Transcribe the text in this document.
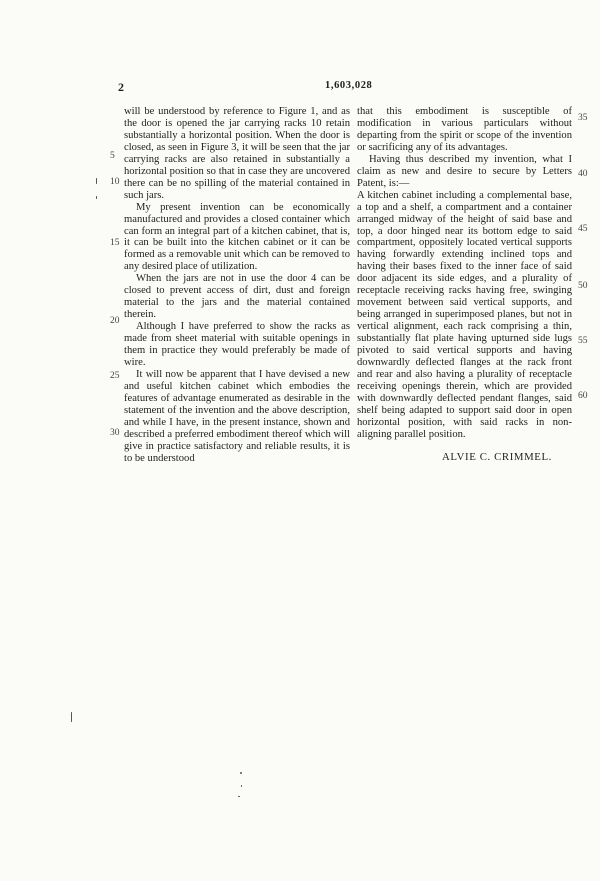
2	1,603,028

will be understood by reference to Figure 1, and as the door is opened the jar carrying racks 10 retain substantially a horizontal position. When the door is closed, as seen in Figure 3, it will be seen that the jar carrying racks are also retained in substantially a horizontal position so that in case they are uncovered there can be no spilling of the material contained in such jars.

My present invention can be economically manufactured and provides a closed container which can form an integral part of a kitchen cabinet, that is, it can be built into the kitchen cabinet or it can be formed as a removable unit which can be removed to any desired place of utilization.

When the jars are not in use the door 4 can be closed to prevent access of dirt, dust and foreign material to the jars and the material contained therein.

Although I have preferred to show the racks as made from sheet material with suitable openings in them in practice they would preferably be made of wire.

It will now be apparent that I have devised a new and useful kitchen cabinet which embodies the features of advantage enumerated as desirable in the statement of the invention and the above description, and while I have, in the present instance, shown and described a preferred embodiment thereof which will give in practice satisfactory and reliable results, it is to be understood

that this embodiment is susceptible of modification in various particulars without departing from the spirit or scope of the invention or sacrificing any of its advantages.

Having thus described my invention, what I claim as new and desire to secure by Letters Patent, is:—

A kitchen cabinet including a complemental base, a top and a shelf, a compartment and a container arranged midway of the height of said base and top, a door hinged near its bottom edge to said compartment, oppositely located vertical supports having forwardly extending inclined tops and having their bases fixed to the inner face of said door adjacent its side edges, and a plurality of receptacle receiving racks having free, swinging movement between said vertical supports, and being arranged in superimposed planes, but not in vertical alignment, each rack comprising a thin, substantially flat plate having upturned side lugs pivoted to said vertical supports and having downwardly deflected flanges at the rack front and rear and also having a plurality of receptacle receiving openings therein, which are provided with downwardly deflected pendant flanges, said shelf being adapted to support said door in open horizontal position, with said racks in non-aligning parallel position.

ALVIE C. CRIMMEL.
5
10
15
20
25
30
35
40
45
50
55
60
